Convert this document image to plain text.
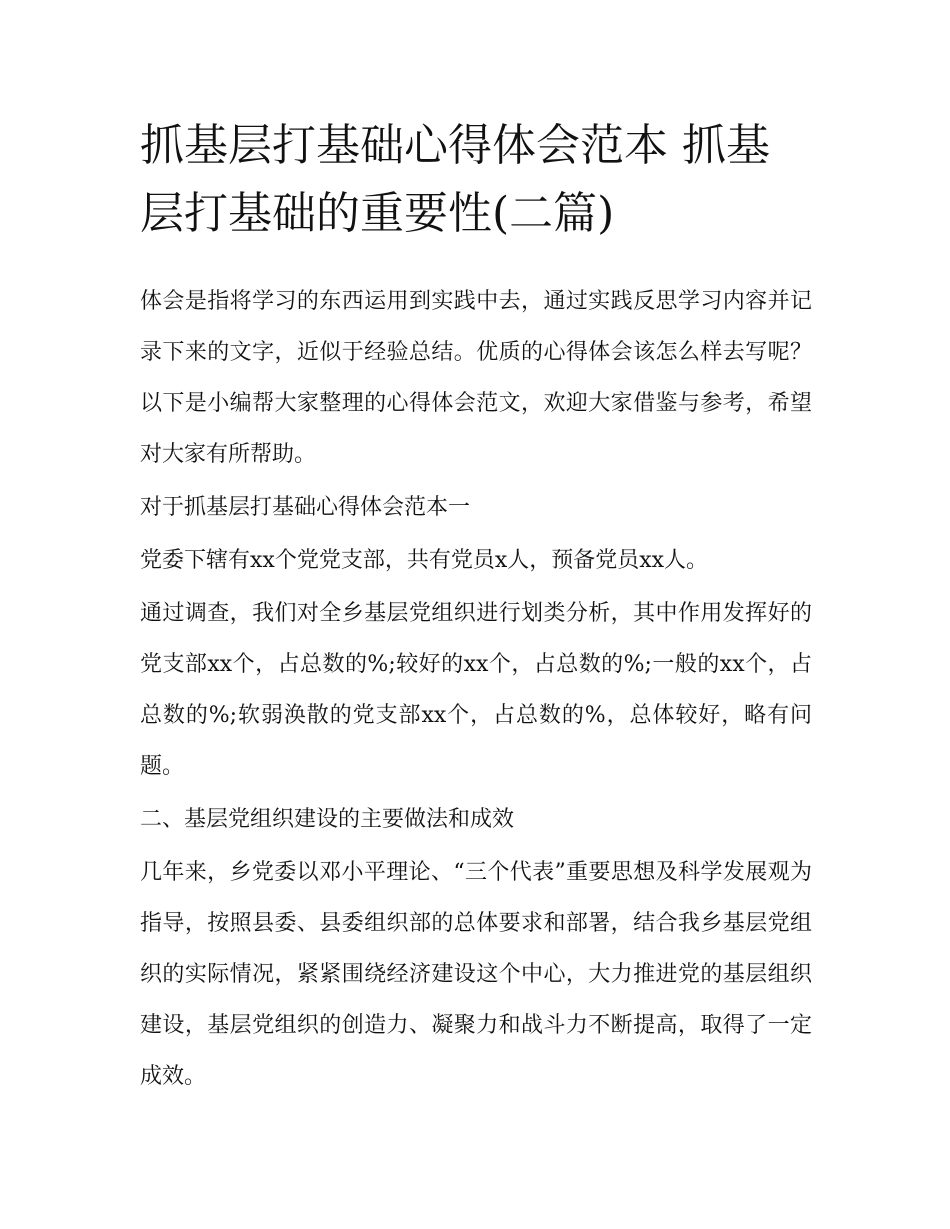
抓基层打基础心得体会范本 抓基层打基础的重要性(二篇)

体会是指将学习的东西运用到实践中去，通过实践反思学习内容并记录下来的文字，近似于经验总结。优质的心得体会该怎么样去写呢？以下是小编帮大家整理的心得体会范文，欢迎大家借鉴与参考，希望对大家有所帮助。

对于抓基层打基础心得体会范本一

党委下辖有xx个党党支部，共有党员x人，预备党员xx人。

通过调查，我们对全乡基层党组织进行划类分析，其中作用发挥好的党支部xx个，占总数的%;较好的xx个，占总数的%;一般的xx个，占总数的%;软弱涣散的党支部xx个，占总数的%，总体较好，略有问题。

二、基层党组织建设的主要做法和成效

几年来，乡党委以邓小平理论、“三个代表”重要思想及科学发展观为指导，按照县委、县委组织部的总体要求和部署，结合我乡基层党组织的实际情况，紧紧围绕经济建设这个中心，大力推进党的基层组织建设，基层党组织的创造力、凝聚力和战斗力不断提高，取得了一定成效。
